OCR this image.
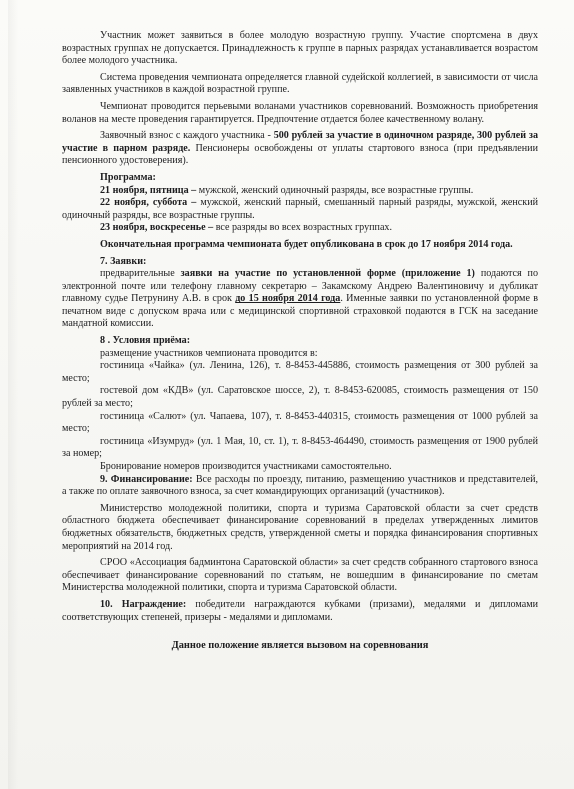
Участник может заявиться в более молодую возрастную группу. Участие спортсмена в двух возрастных группах не допускается. Принадлежность к группе в парных разрядах устанавливается возрастом более молодого участника.

Система проведения чемпионата определяется главной судейской коллегией, в зависимости от числа заявленных участников в каждой возрастной группе.

Чемпионат проводится перьевыми воланами участников соревнований. Возможность приобретения воланов на месте проведения гарантируется. Предпочтение отдается более качественному волану.

Заявочный взнос с каждого участника - 500 рублей за участие в одиночном разряде, 300 рублей за участие в парном разряде. Пенсионеры освобождены от уплаты стартового взноса (при предъявлении пенсионного удостоверения).

Программа:

21 ноября, пятница – мужской, женский одиночный разряды, все возрастные группы.

22 ноября, суббота – мужской, женский парный, смешанный парный разряды, мужской, женский одиночный разряды, все возрастные группы.

23 ноября, воскресенье – все разряды во всех возрастных группах.

Окончательная программа чемпионата будет опубликована в срок до 17 ноября 2014 года.

7. Заявки:

предварительные заявки на участие по установленной форме (приложение 1) подаются по электронной почте или телефону главному секретарю – Закамскому Андрею Валентиновичу и дубликат главному судье Петрунину А.В. в срок до 15 ноября 2014 года. Именные заявки по установленной форме в печатном виде с допуском врача или с медицинской спортивной страховкой подаются в ГСК на заседание мандатной комиссии.

8 . Условия приёма:

размещение участников чемпионата проводится в:

гостиница «Чайка» (ул. Ленина, 126), т. 8-8453-445886, стоимость размещения от 300 рублей за место;

гостевой дом «КДВ» (ул. Саратовское шоссе, 2), т. 8-8453-620085, стоимость размещения от 150 рублей за место;

гостиница «Салют» (ул. Чапаева, 107), т. 8-8453-440315, стоимость размещения от 1000 рублей за место;

гостиница «Изумруд» (ул. 1 Мая, 10, ст. 1), т. 8-8453-464490, стоимость размещения от 1900 рублей за номер;

Бронирование номеров производится участниками самостоятельно.

9. Финансирование: Все расходы по проезду, питанию, размещению участников и представителей, а также по оплате заявочного взноса, за счет командирующих организаций (участников).

Министерство молодежной политики, спорта и туризма Саратовской области за счет средств областного бюджета обеспечивает финансирование соревнований в пределах утвержденных лимитов бюджетных обязательств, бюджетных средств, утвержденной сметы и порядка финансирования спортивных мероприятий на 2014 год.

СРОО «Ассоциация бадминтона Саратовской области» за счет средств собранного стартового взноса обеспечивает финансирование соревнований по статьям, не вошедшим в финансирование по сметам Министерства молодежной политики, спорта и туризма Саратовской области.

10. Награждение: победители награждаются кубками (призами), медалями и дипломами соответствующих степеней, призеры - медалями и дипломами.

Данное положение является вызовом на соревнования
